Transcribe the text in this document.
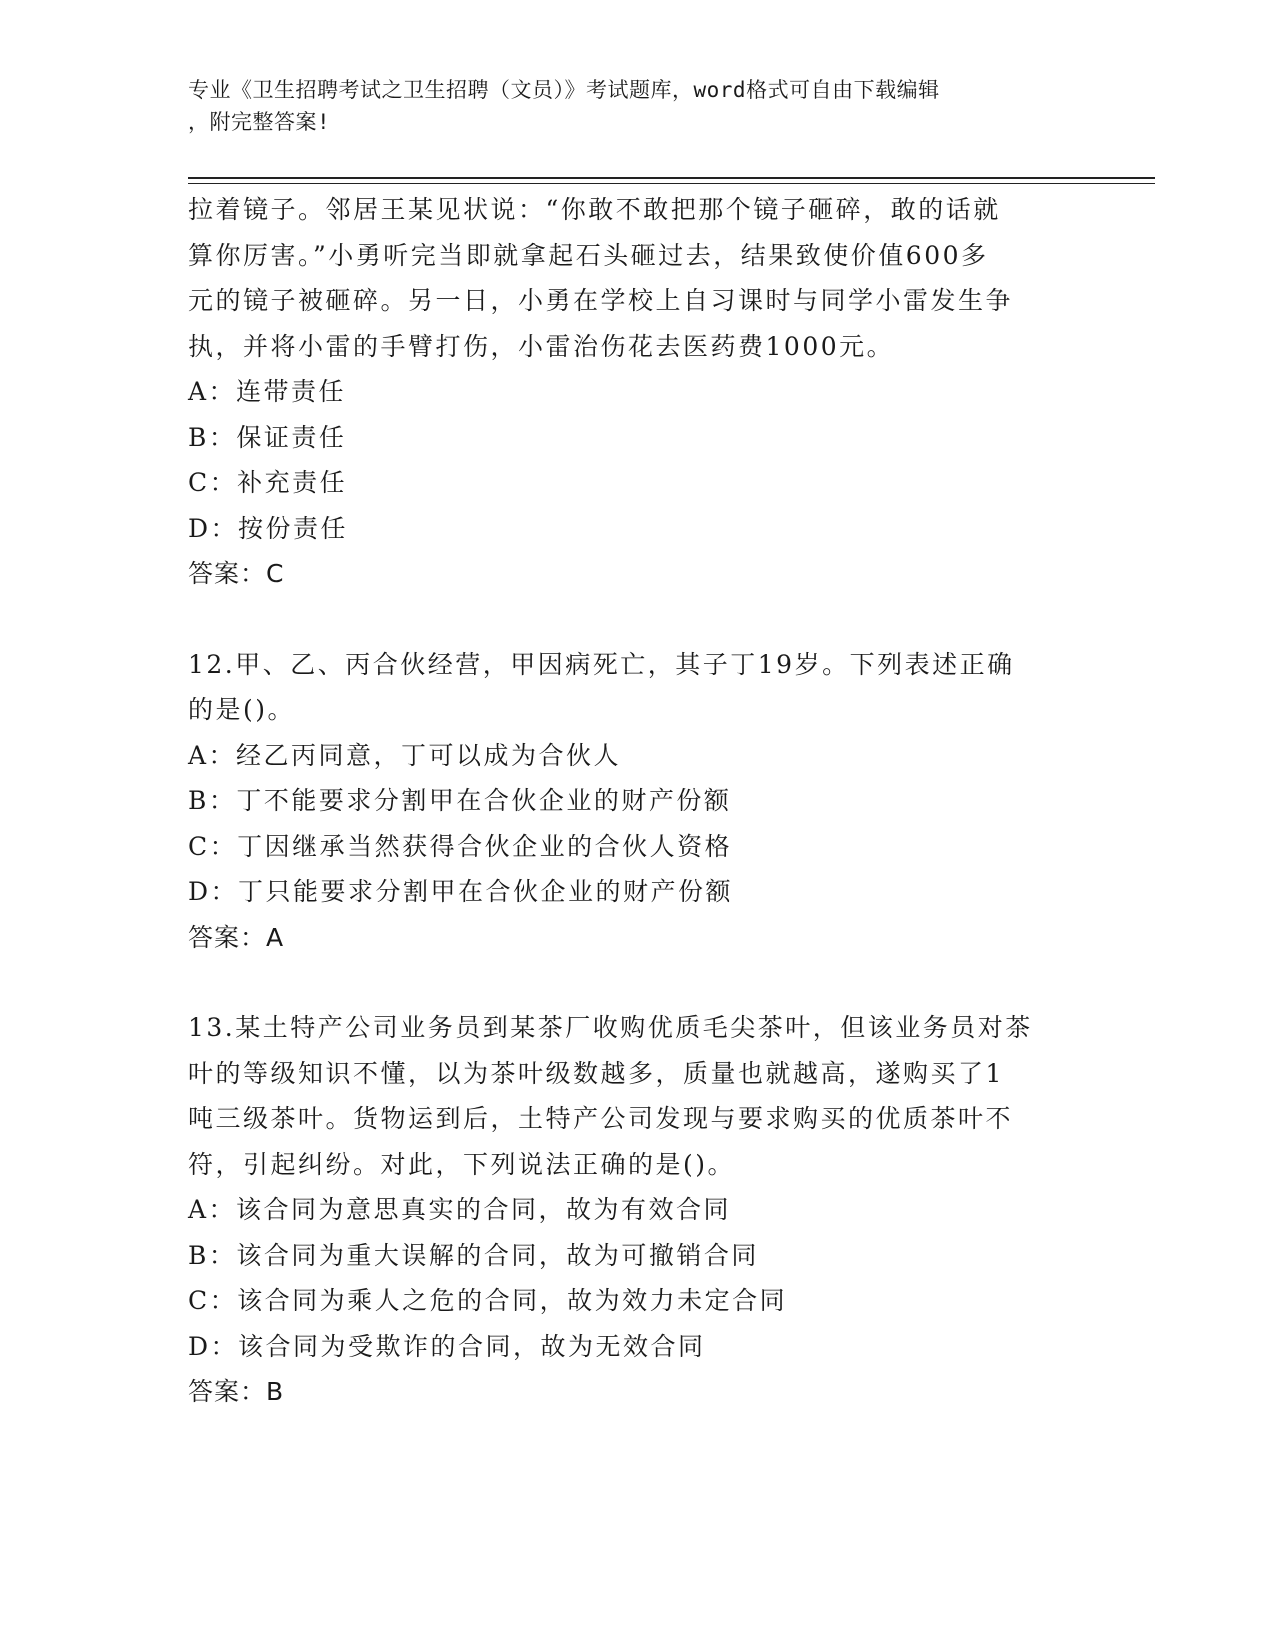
专业《卫生招聘考试之卫生招聘（文员）》考试题库，word格式可自由下载编辑
，附完整答案!

拉着镜子。邻居王某见状说：“你敢不敢把那个镜子砸碎，敢的话就

算你厉害。”小勇听完当即就拿起石头砸过去，结果致使价值600多

元的镜子被砸碎。另一日，小勇在学校上自习课时与同学小雷发生争

执，并将小雷的手臂打伤，小雷治伤花去医药费1000元。

A：连带责任

B：保证责任

C：补充责任

D：按份责任

答案：C

12.甲、乙、丙合伙经营，甲因病死亡，其子丁19岁。下列表述正确

的是()。

A：经乙丙同意，丁可以成为合伙人

B：丁不能要求分割甲在合伙企业的财产份额

C：丁因继承当然获得合伙企业的合伙人资格

D：丁只能要求分割甲在合伙企业的财产份额

答案：A

13.某土特产公司业务员到某茶厂收购优质毛尖茶叶，但该业务员对茶

叶的等级知识不懂，以为茶叶级数越多，质量也就越高，遂购买了1

吨三级茶叶。货物运到后，土特产公司发现与要求购买的优质茶叶不

符，引起纠纷。对此，下列说法正确的是()。

A：该合同为意思真实的合同，故为有效合同

B：该合同为重大误解的合同，故为可撤销合同

C：该合同为乘人之危的合同，故为效力未定合同

D：该合同为受欺诈的合同，故为无效合同

答案：B
